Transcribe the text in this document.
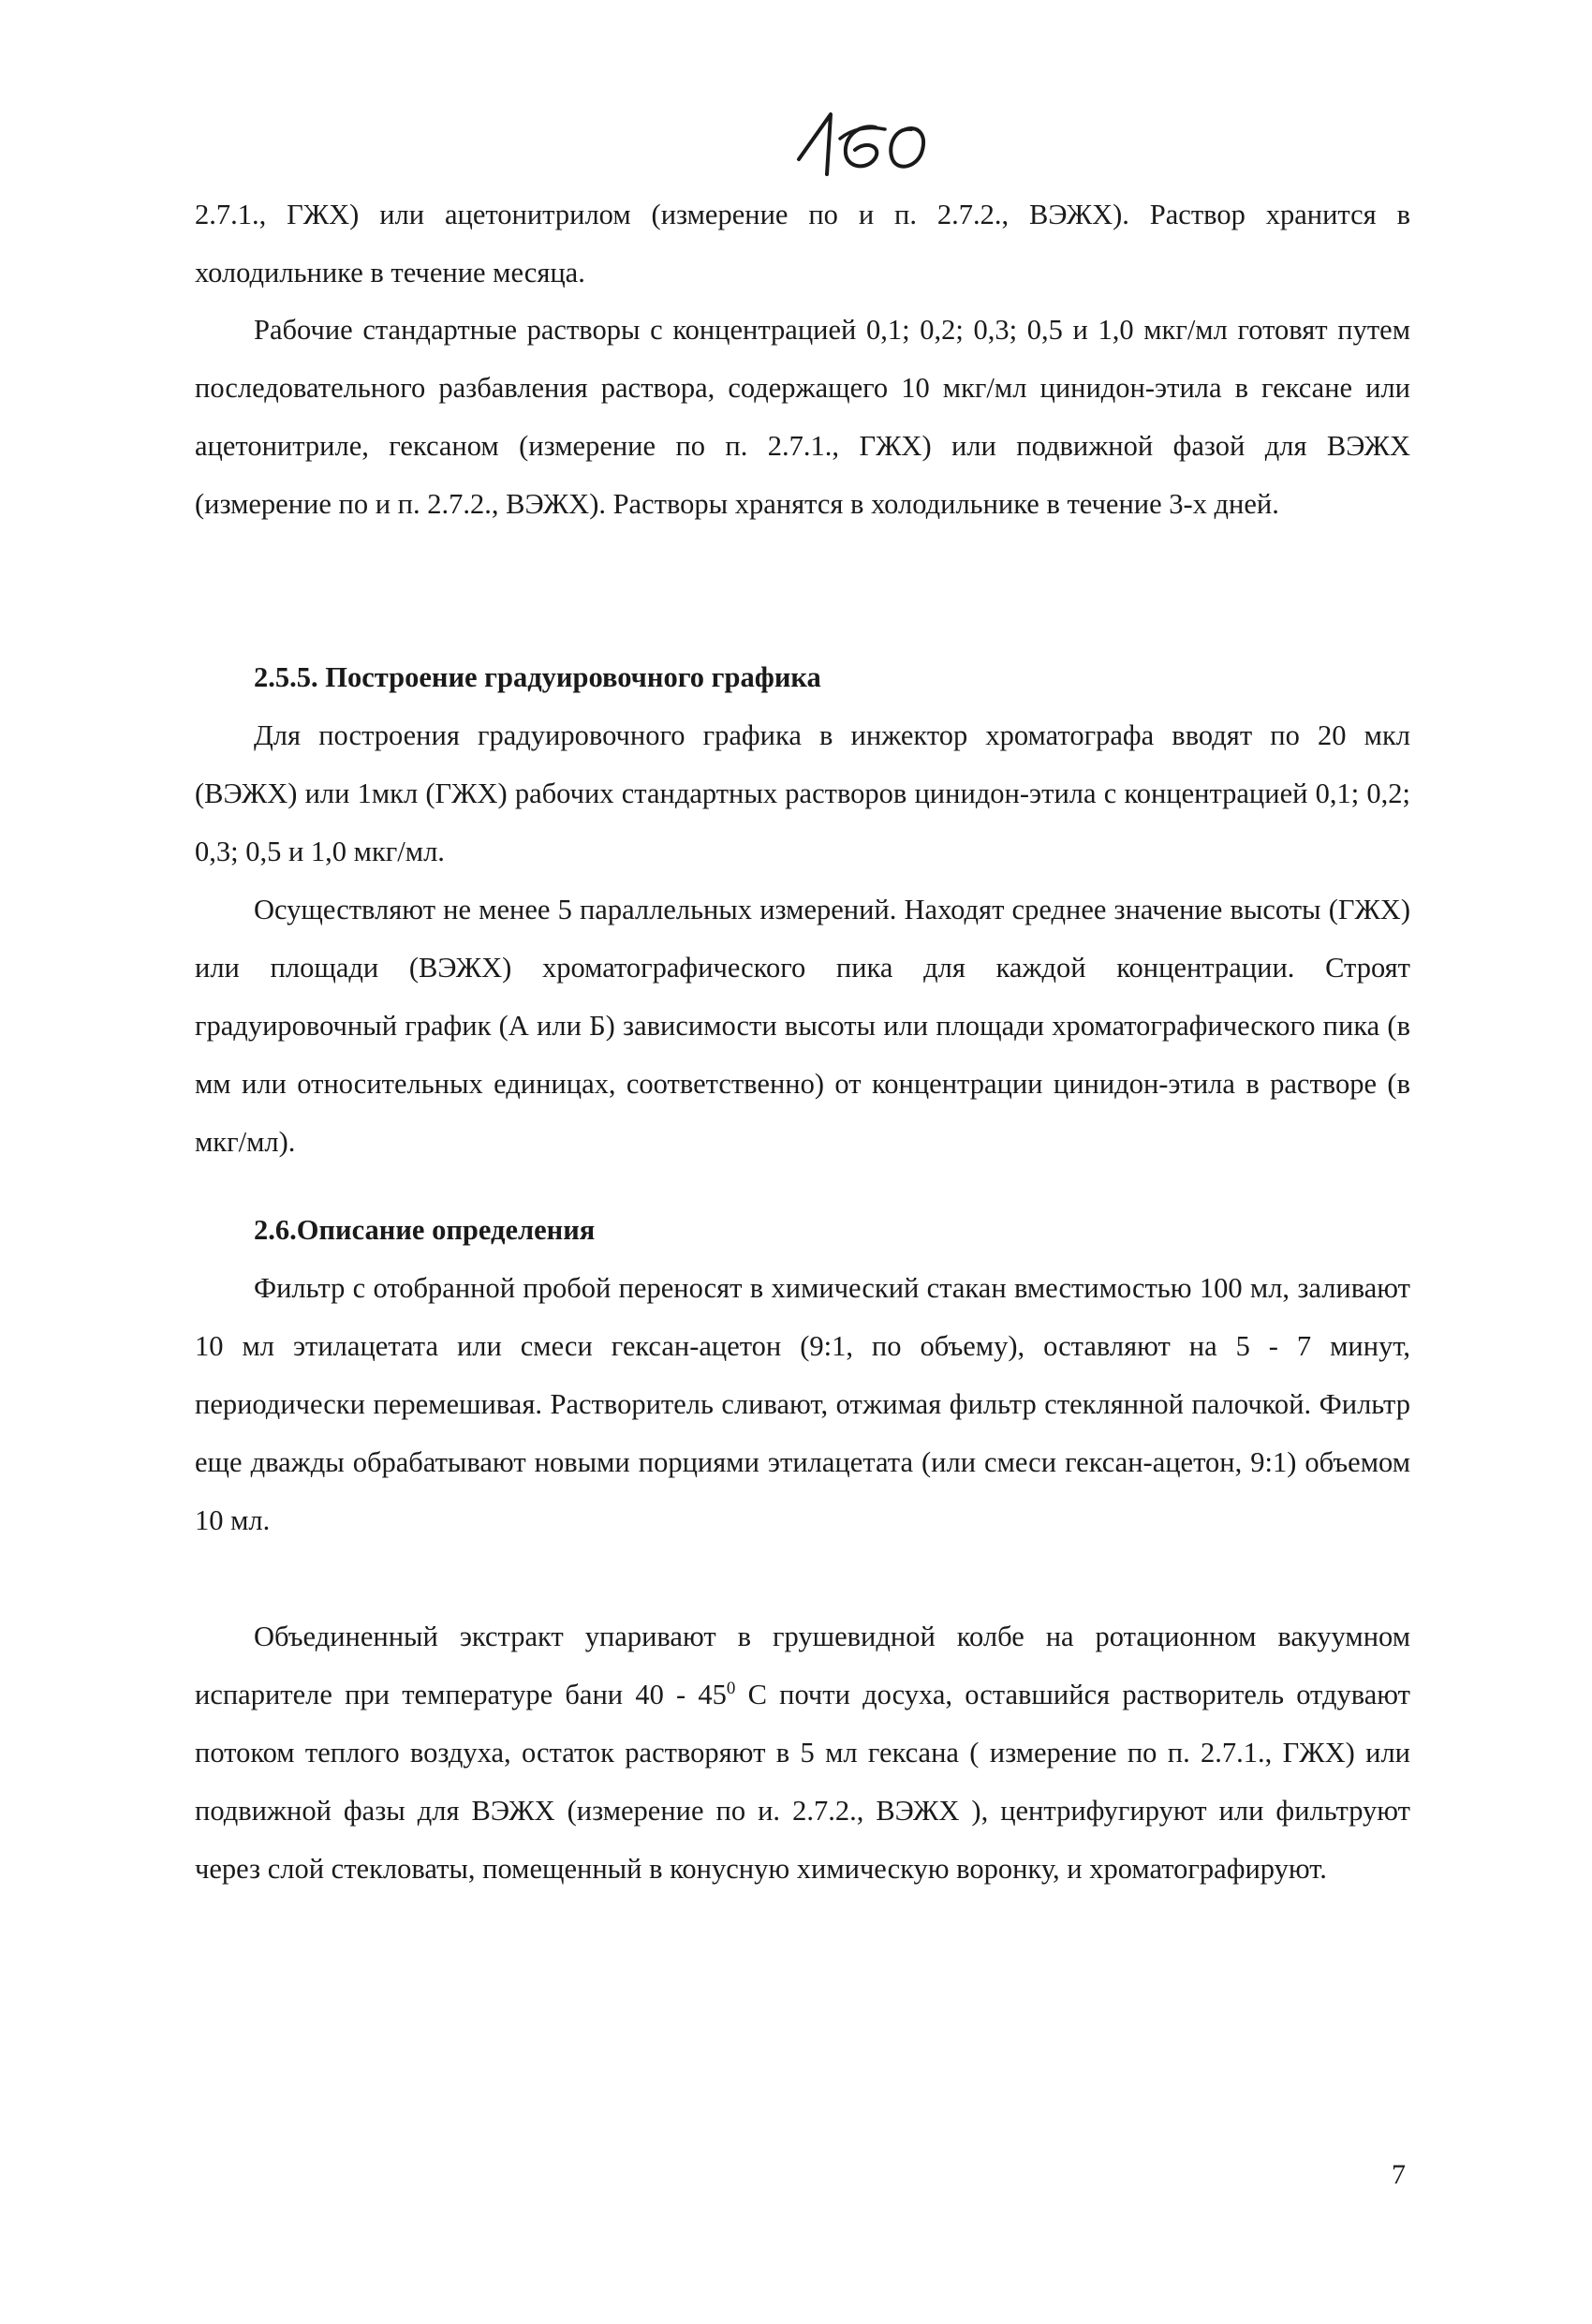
2.7.1., ГЖХ) или ацетонитрилом (измерение по и п. 2.7.2., ВЭЖХ). Раствор хранится в холодильнике в течение месяца.

Рабочие стандартные растворы с концентрацией 0,1; 0,2; 0,3; 0,5 и 1,0 мкг/мл готовят путем последовательного разбавления раствора, содержащего 10 мкг/мл цинидон-этила в гексане или ацетонитриле, гексаном (измерение по п. 2.7.1., ГЖХ) или подвижной фазой для ВЭЖХ (измерение по и п. 2.7.2., ВЭЖХ). Растворы хранятся в холодильнике в течение 3-х дней.

2.5.5. Построение градуировочного графика

Для построения градуировочного графика в инжектор хроматографа вводят по 20 мкл (ВЭЖХ) или 1мкл (ГЖХ) рабочих стандартных растворов цинидон-этила с концентрацией 0,1; 0,2; 0,3; 0,5 и 1,0 мкг/мл.

Осуществляют не менее 5 параллельных измерений. Находят среднее значение высоты (ГЖХ) или площади (ВЭЖХ) хроматографического пика для каждой концентрации. Строят градуировочный график (А или Б) зависимости высоты или площади хроматографического пика (в мм или относительных единицах, соответственно) от концентрации цинидон-этила в растворе (в мкг/мл).

2.6.Описание определения

Фильтр с отобранной пробой переносят в химический стакан вместимостью 100 мл, заливают 10 мл этилацетата или смеси гексан-ацетон (9:1, по объему), оставляют на 5 - 7 минут, периодически перемешивая. Растворитель сливают, отжимая фильтр стеклянной палочкой. Фильтр еще дважды обрабатывают новыми порциями этилацетата (или смеси гексан-ацетон, 9:1) объемом 10 мл.

Объединенный экстракт упаривают в грушевидной колбе на ротационном вакуумном испарителе при температуре бани $40 - 45^0$ С почти досуха, оставшийся растворитель отдувают потоком теплого воздуха, остаток растворяют в 5 мл гексана ( измерение по п. 2.7.1., ГЖХ) или подвижной фазы для ВЭЖХ (измерение по и. 2.7.2., ВЭЖХ ), центрифугируют или фильтруют через слой стекловаты, помещенный в конусную химическую воронку, и хроматографируют.

7
